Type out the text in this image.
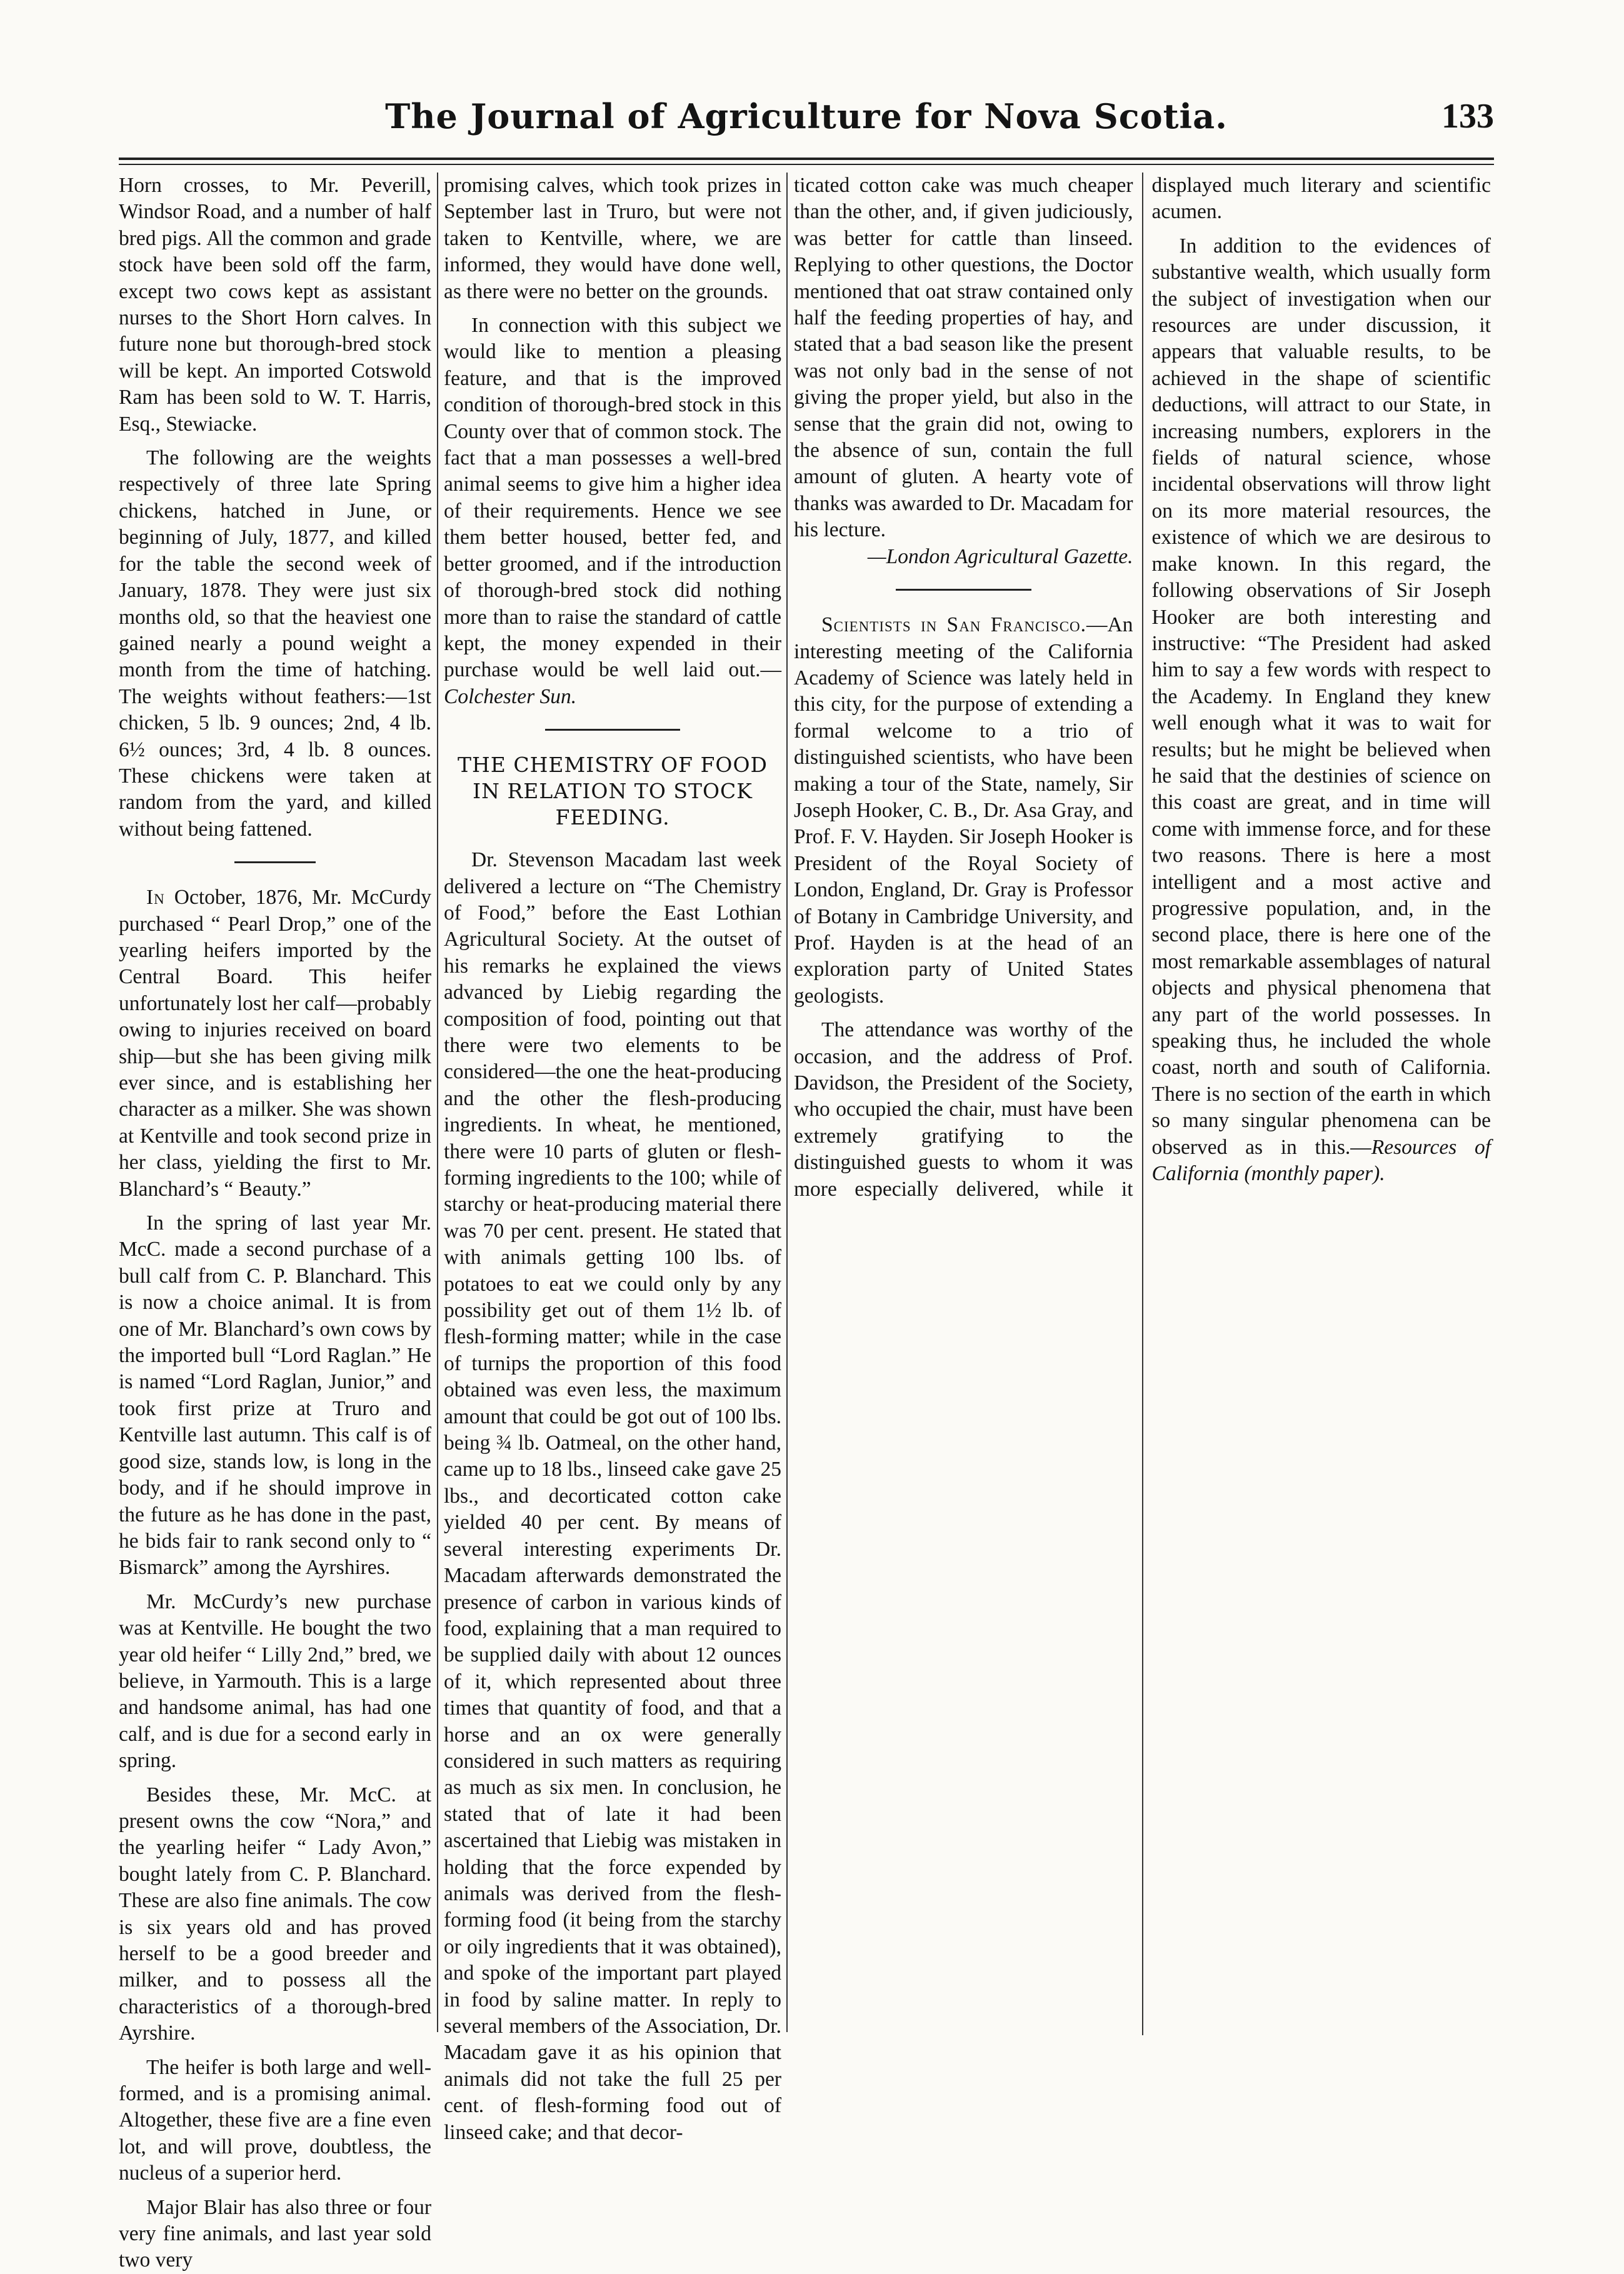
The Journal of Agriculture for Nova Scotia.	133

Horn crosses, to Mr. Peverill, Windsor Road, and a number of half bred pigs. All the common and grade stock have been sold off the farm, except two cows kept as assistant nurses to the Short Horn calves. In future none but thorough-bred stock will be kept. An imported Cotswold Ram has been sold to W. T. Harris, Esq., Stewiacke.

The following are the weights respectively of three late Spring chickens, hatched in June, or beginning of July, 1877, and killed for the table the second week of January, 1878. They were just six months old, so that the heaviest one gained nearly a pound weight a month from the time of hatching. The weights without feathers:—1st chicken, 5 lb. 9 ounces; 2nd, 4 lb. 6½ ounces; 3rd, 4 lb. 8 ounces. These chickens were taken at random from the yard, and killed without being fattened.

In October, 1876, Mr. McCurdy purchased “ Pearl Drop,” one of the yearling heifers imported by the Central Board. This heifer unfortunately lost her calf—probably owing to injuries received on board ship—but she has been giving milk ever since, and is establishing her character as a milker. She was shown at Kentville and took second prize in her class, yielding the first to Mr. Blanchard’s “ Beauty.”

In the spring of last year Mr. McC. made a second purchase of a bull calf from C. P. Blanchard. This is now a choice animal. It is from one of Mr. Blanchard’s own cows by the imported bull “Lord Raglan.” He is named “Lord Raglan, Junior,” and took first prize at Truro and Kentville last autumn. This calf is of good size, stands low, is long in the body, and if he should improve in the future as he has done in the past, he bids fair to rank second only to “ Bismarck” among the Ayrshires.

Mr. McCurdy’s new purchase was at Kentville. He bought the two year old heifer “ Lilly 2nd,” bred, we believe, in Yarmouth. This is a large and handsome animal, has had one calf, and is due for a second early in spring.

Besides these, Mr. McC. at present owns the cow “Nora,” and the yearling heifer “ Lady Avon,” bought lately from C. P. Blanchard. These are also fine animals. The cow is six years old and has proved herself to be a good breeder and milker, and to possess all the characteristics of a thorough-bred Ayrshire.

The heifer is both large and well-formed, and is a promising animal. Altogether, these five are a fine even lot, and will prove, doubtless, the nucleus of a superior herd.

Major Blair has also three or four very fine animals, and last year sold two very

promising calves, which took prizes in September last in Truro, but were not taken to Kentville, where, we are informed, they would have done well, as there were no better on the grounds.

In connection with this subject we would like to mention a pleasing feature, and that is the improved condition of thorough-bred stock in this County over that of common stock. The fact that a man possesses a well-bred animal seems to give him a higher idea of their requirements. Hence we see them better housed, better fed, and better groomed, and if the introduction of thorough-bred stock did nothing more than to raise the standard of cattle kept, the money expended in their purchase would be well laid out.— Colchester Sun.

THE CHEMISTRY OF FOOD IN RELATION TO STOCK FEEDING.

Dr. Stevenson Macadam last week delivered a lecture on “The Chemistry of Food,” before the East Lothian Agricultural Society. At the outset of his remarks he explained the views advanced by Liebig regarding the composition of food, pointing out that there were two elements to be considered—the one the heat-producing and the other the flesh-producing ingredients. In wheat, he mentioned, there were 10 parts of gluten or flesh-forming ingredients to the 100; while of starchy or heat-producing material there was 70 per cent. present. He stated that with animals getting 100 lbs. of potatoes to eat we could only by any possibility get out of them 1½ lb. of flesh-forming matter; while in the case of turnips the proportion of this food obtained was even less, the maximum amount that could be got out of 100 lbs. being ¾ lb. Oatmeal, on the other hand, came up to 18 lbs., linseed cake gave 25 lbs., and decorticated cotton cake yielded 40 per cent. By means of several interesting experiments Dr. Macadam afterwards demonstrated the presence of carbon in various kinds of food, explaining that a man required to be supplied daily with about 12 ounces of it, which represented about three times that quantity of food, and that a horse and an ox were generally considered in such matters as requiring as much as six men. In conclusion, he stated that of late it had been ascertained that Liebig was mistaken in holding that the force expended by animals was derived from the flesh-forming food (it being from the starchy or oily ingredients that it was obtained), and spoke of the important part played in food by saline matter. In reply to several members of the Association, Dr. Macadam gave it as his opinion that animals did not take the full 25 per cent. of flesh-forming food out of linseed cake; and that decor-

ticated cotton cake was much cheaper than the other, and, if given judiciously, was better for cattle than linseed. Replying to other questions, the Doctor mentioned that oat straw contained only half the feeding properties of hay, and stated that a bad season like the present was not only bad in the sense of not giving the proper yield, but also in the sense that the grain did not, owing to the absence of sun, contain the full amount of gluten. A hearty vote of thanks was awarded to Dr. Macadam for his lecture.

—London Agricultural Gazette.

Scientists in San Francisco.—An interesting meeting of the California Academy of Science was lately held in this city, for the purpose of extending a formal welcome to a trio of distinguished scientists, who have been making a tour of the State, namely, Sir Joseph Hooker, C. B., Dr. Asa Gray, and Prof. F. V. Hayden. Sir Joseph Hooker is President of the Royal Society of London, England, Dr. Gray is Professor of Botany in Cambridge University, and Prof. Hayden is at the head of an exploration party of United States geologists.

The attendance was worthy of the occasion, and the address of Prof. Davidson, the President of the Society, who occupied the chair, must have been extremely gratifying to the distinguished guests to whom it was more especially delivered, while it displayed much literary and scientific acumen.

In addition to the evidences of substantive wealth, which usually form the subject of investigation when our resources are under discussion, it appears that valuable results, to be achieved in the shape of scientific deductions, will attract to our State, in increasing numbers, explorers in the fields of natural science, whose incidental observations will throw light on its more material resources, the existence of which we are desirous to make known. In this regard, the following observations of Sir Joseph Hooker are both interesting and instructive: “The President had asked him to say a few words with respect to the Academy. In England they knew well enough what it was to wait for results; but he might be believed when he said that the destinies of science on this coast are great, and in time will come with immense force, and for these two reasons. There is here a most intelligent and a most active and progressive population, and, in the second place, there is here one of the most remarkable assemblages of natural objects and physical phenomena that any part of the world possesses. In speaking thus, he included the whole coast, north and south of California. There is no section of the earth in which so many singular phenomena can be observed as in this.—Resources of California (monthly paper).
